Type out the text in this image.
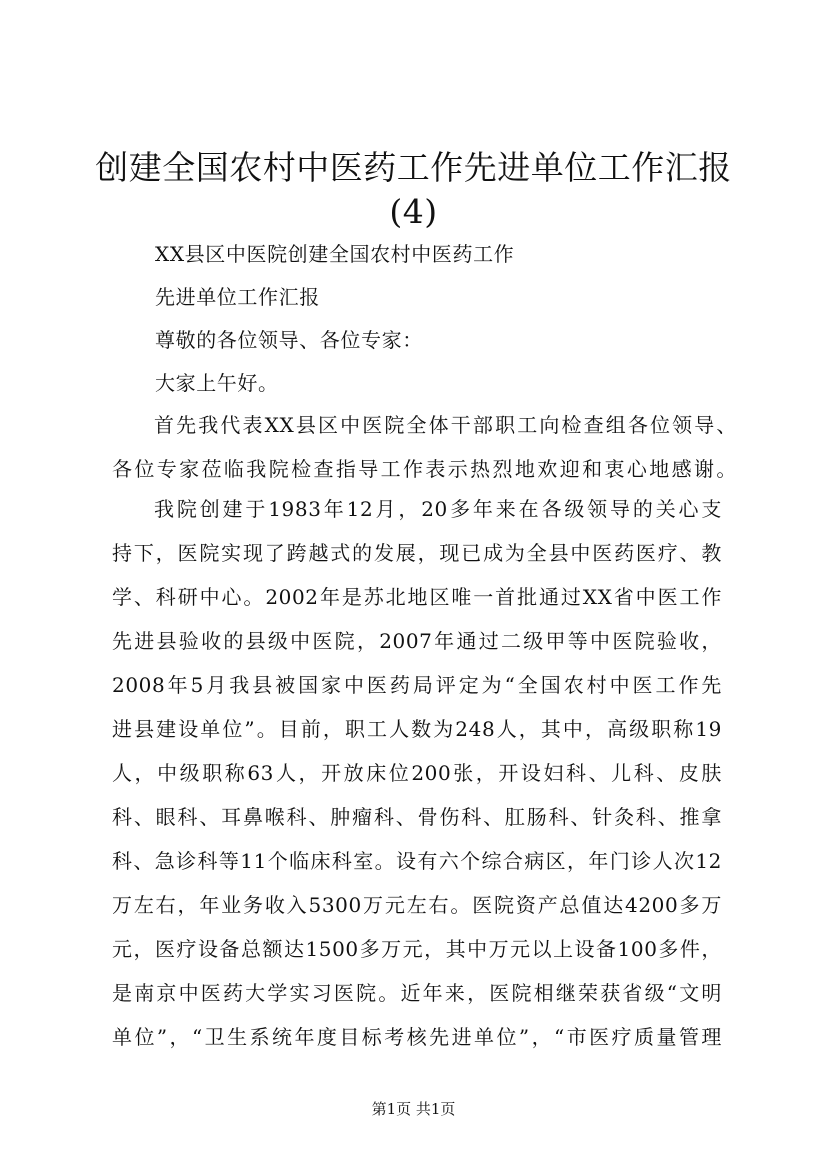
创建全国农村中医药工作先进单位工作汇报
(4)
XX县区中医院创建全国农村中医药工作
先进单位工作汇报
尊敬的各位领导、各位专家：
大家上午好。
首先我代表XX县区中医院全体干部职工向检查组各位领导、
各位专家莅临我院检查指导工作表示热烈地欢迎和衷心地感谢。
我院创建于1983年12月，20多年来在各级领导的关心支
持下，医院实现了跨越式的发展，现已成为全县中医药医疗、教
学、科研中心。2002年是苏北地区唯一首批通过XX省中医工作
先进县验收的县级中医院，2007年通过二级甲等中医院验收，
2008年5月我县被国家中医药局评定为“全国农村中医工作先
进县建设单位”。目前，职工人数为248人，其中，高级职称19
人，中级职称63人，开放床位200张，开设妇科、儿科、皮肤
科、眼科、耳鼻喉科、肿瘤科、骨伤科、肛肠科、针灸科、推拿
科、急诊科等11个临床科室。设有六个综合病区，年门诊人次12
万左右，年业务收入5300万元左右。医院资产总值达4200多万
元，医疗设备总额达1500多万元，其中万元以上设备100多件，
是南京中医药大学实习医院。近年来，医院相继荣获省级“文明
单位”，“卫生系统年度目标考核先进单位”，“市医疗质量管理
第1页 共1页
